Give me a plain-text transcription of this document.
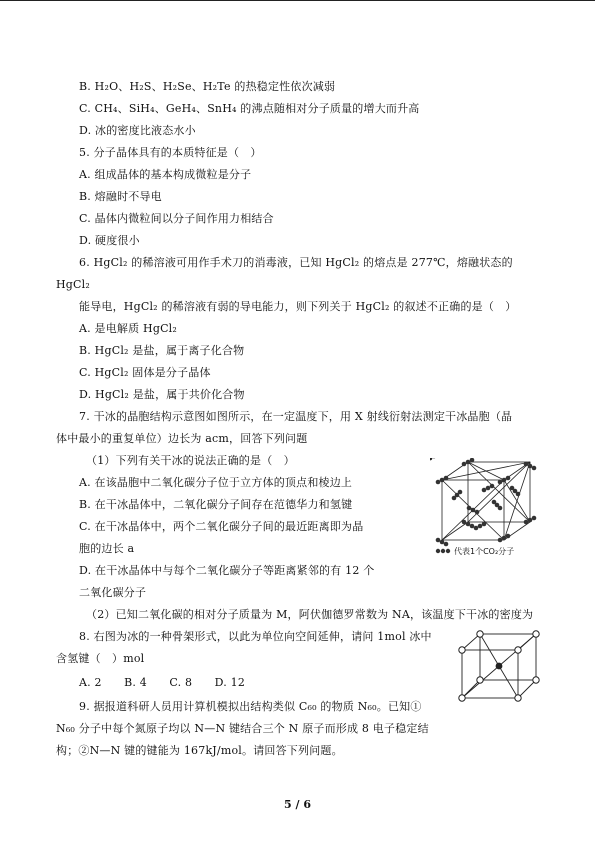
B. H₂O、H₂S、H₂Se、H₂Te 的热稳定性依次减弱
C. CH₄、SiH₄、GeH₄、SnH₄ 的沸点随相对分子质量的增大而升高
D. 冰的密度比液态水小
5. 分子晶体具有的本质特征是（　）
A. 组成晶体的基本构成微粒是分子
B. 熔融时不导电
C. 晶体内微粒间以分子间作用力相结合
D. 硬度很小
6. HgCl₂ 的稀溶液可用作手术刀的消毒液，已知 HgCl₂ 的熔点是 277℃，熔融状态的
HgCl₂
能导电，HgCl₂ 的稀溶液有弱的导电能力，则下列关于 HgCl₂ 的叙述不正确的是（　）
A. 是电解质 HgCl₂
B. HgCl₂ 是盐，属于离子化合物
C. HgCl₂ 固体是分子晶体
D. HgCl₂ 是盐，属于共价化合物
7. 干冰的晶胞结构示意图如图所示，在一定温度下，用 X 射线衍射法测定干冰晶胞（晶
体中最小的重复单位）边长为 acm，回答下列问题
（1）下列有关干冰的说法正确的是（　）
A. 在该晶胞中二氧化碳分子位于立方体的顶点和棱边上
B. 在干冰晶体中，二氧化碳分子间存在范德华力和氢键
C. 在干冰晶体中，两个二氧化碳分子间的最近距离即为晶
胞的边长 a
D. 在干冰晶体中与每个二氧化碳分子等距离紧邻的有 12 个
二氧化碳分子
（2）已知二氧化碳的相对分子质量为 M，阿伏伽德罗常数为 NA，该温度下干冰的密度为
8. 右图为冰的一种骨架形式，以此为单位向空间延伸，请问 1mol 冰中
含氢键（　）mol
A. 2　　B. 4　　C. 8　　D. 12
9. 据报道科研人员用计算机模拟出结构类似 C₆₀ 的物质 N₆₀。已知①
N₆₀ 分子中每个氮原子均以 N—N 键结合三个 N 原子而形成 8 电子稳定结
构；②N—N 键的键能为 167kJ/mol。请回答下列问题。
代表1个CO₂分子
5 / 6
